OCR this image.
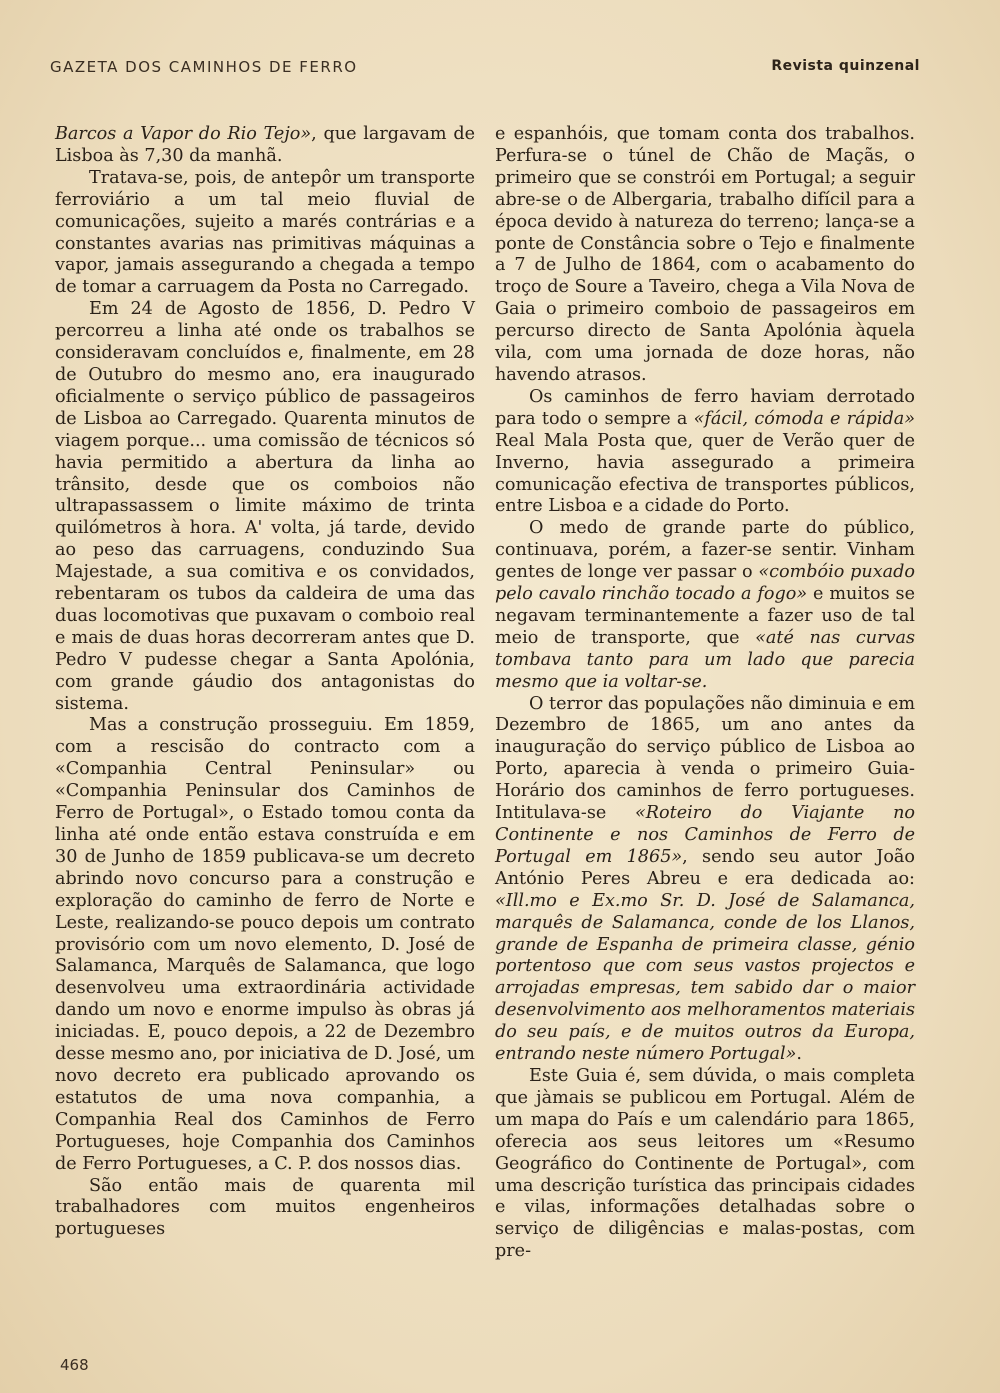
GAZETA DOS CAMINHOS DE FERRO	Revista quinzenal

Barcos a Vapor do Rio Tejo», que largavam de Lisboa às 7,30 da manhã.

Tratava-se, pois, de antepôr um transporte ferroviário a um tal meio fluvial de comunicações, sujeito a marés contrárias e a constantes avarias nas primitivas máquinas a vapor, jamais assegurando a chegada a tempo de tomar a carruagem da Posta no Carregado.

Em 24 de Agosto de 1856, D. Pedro V percorreu a linha até onde os trabalhos se consideravam concluídos e, finalmente, em 28 de Outubro do mesmo ano, era inaugurado oficialmente o serviço público de passageiros de Lisboa ao Carregado. Quarenta minutos de viagem porque... uma comissão de técnicos só havia permitido a abertura da linha ao trânsito, desde que os comboios não ultrapassassem o limite máximo de trinta quilómetros à hora. A' volta, já tarde, devido ao peso das carruagens, conduzindo Sua Majestade, a sua comitiva e os convidados, rebentaram os tubos da caldeira de uma das duas locomotivas que puxavam o comboio real e mais de duas horas decorreram antes que D. Pedro V pudesse chegar a Santa Apolónia, com grande gáudio dos antagonistas do sistema.

Mas a construção prosseguiu. Em 1859, com a rescisão do contracto com a «Companhia Central Peninsular» ou «Companhia Peninsular dos Caminhos de Ferro de Portugal», o Estado tomou conta da linha até onde então estava construída e em 30 de Junho de 1859 publicava-se um decreto abrindo novo concurso para a construção e exploração do caminho de ferro de Norte e Leste, realizando-se pouco depois um contrato provisório com um novo elemento, D. José de Salamanca, Marquês de Salamanca, que logo desenvolveu uma extraordinária actividade dando um novo e enorme impulso às obras já iniciadas. E, pouco depois, a 22 de Dezembro desse mesmo ano, por iniciativa de D. José, um novo decreto era publicado aprovando os estatutos de uma nova companhia, a Companhia Real dos Caminhos de Ferro Portugueses, hoje Companhia dos Caminhos de Ferro Portugueses, a C. P. dos nossos dias.

São então mais de quarenta mil trabalhadores com muitos engenheiros portugueses

e espanhóis, que tomam conta dos trabalhos. Perfura-se o túnel de Chão de Maçãs, o primeiro que se constrói em Portugal; a seguir abre-se o de Albergaria, trabalho difícil para a época devido à natureza do terreno; lança-se a ponte de Constância sobre o Tejo e finalmente a 7 de Julho de 1864, com o acabamento do troço de Soure a Taveiro, chega a Vila Nova de Gaia o primeiro comboio de passageiros em percurso directo de Santa Apolónia àquela vila, com uma jornada de doze horas, não havendo atrasos.

Os caminhos de ferro haviam derrotado para todo o sempre a «fácil, cómoda e rápida» Real Mala Posta que, quer de Verão quer de Inverno, havia assegurado a primeira comunicação efectiva de transportes públicos, entre Lisboa e a cidade do Porto.

O medo de grande parte do público, continuava, porém, a fazer-se sentir. Vinham gentes de longe ver passar o «combóio puxado pelo cavalo rinchão tocado a fogo» e muitos se negavam terminantemente a fazer uso de tal meio de transporte, que «até nas curvas tombava tanto para um lado que parecia mesmo que ia voltar-se.

O terror das populações não diminuia e em Dezembro de 1865, um ano antes da inauguração do serviço público de Lisboa ao Porto, aparecia à venda o primeiro Guia-Horário dos caminhos de ferro portugueses. Intitulava-se «Roteiro do Viajante no Continente e nos Caminhos de Ferro de Portugal em 1865», sendo seu autor João António Peres Abreu e era dedicada ao: «Ill.mo e Ex.mo Sr. D. José de Salamanca, marquês de Salamanca, conde de los Llanos, grande de Espanha de primeira classe, génio portentoso que com seus vastos projectos e arrojadas empresas, tem sabido dar o maior desenvolvimento aos melhoramentos materiais do seu país, e de muitos outros da Europa, entrando neste número Portugal».

Este Guia é, sem dúvida, o mais completa que jàmais se publicou em Portugal. Além de um mapa do País e um calendário para 1865, oferecia aos seus leitores um «Resumo Geográfico do Continente de Portugal», com uma descrição turística das principais cidades e vilas, informações detalhadas sobre o serviço de diligências e malas-postas, com pre-

468
